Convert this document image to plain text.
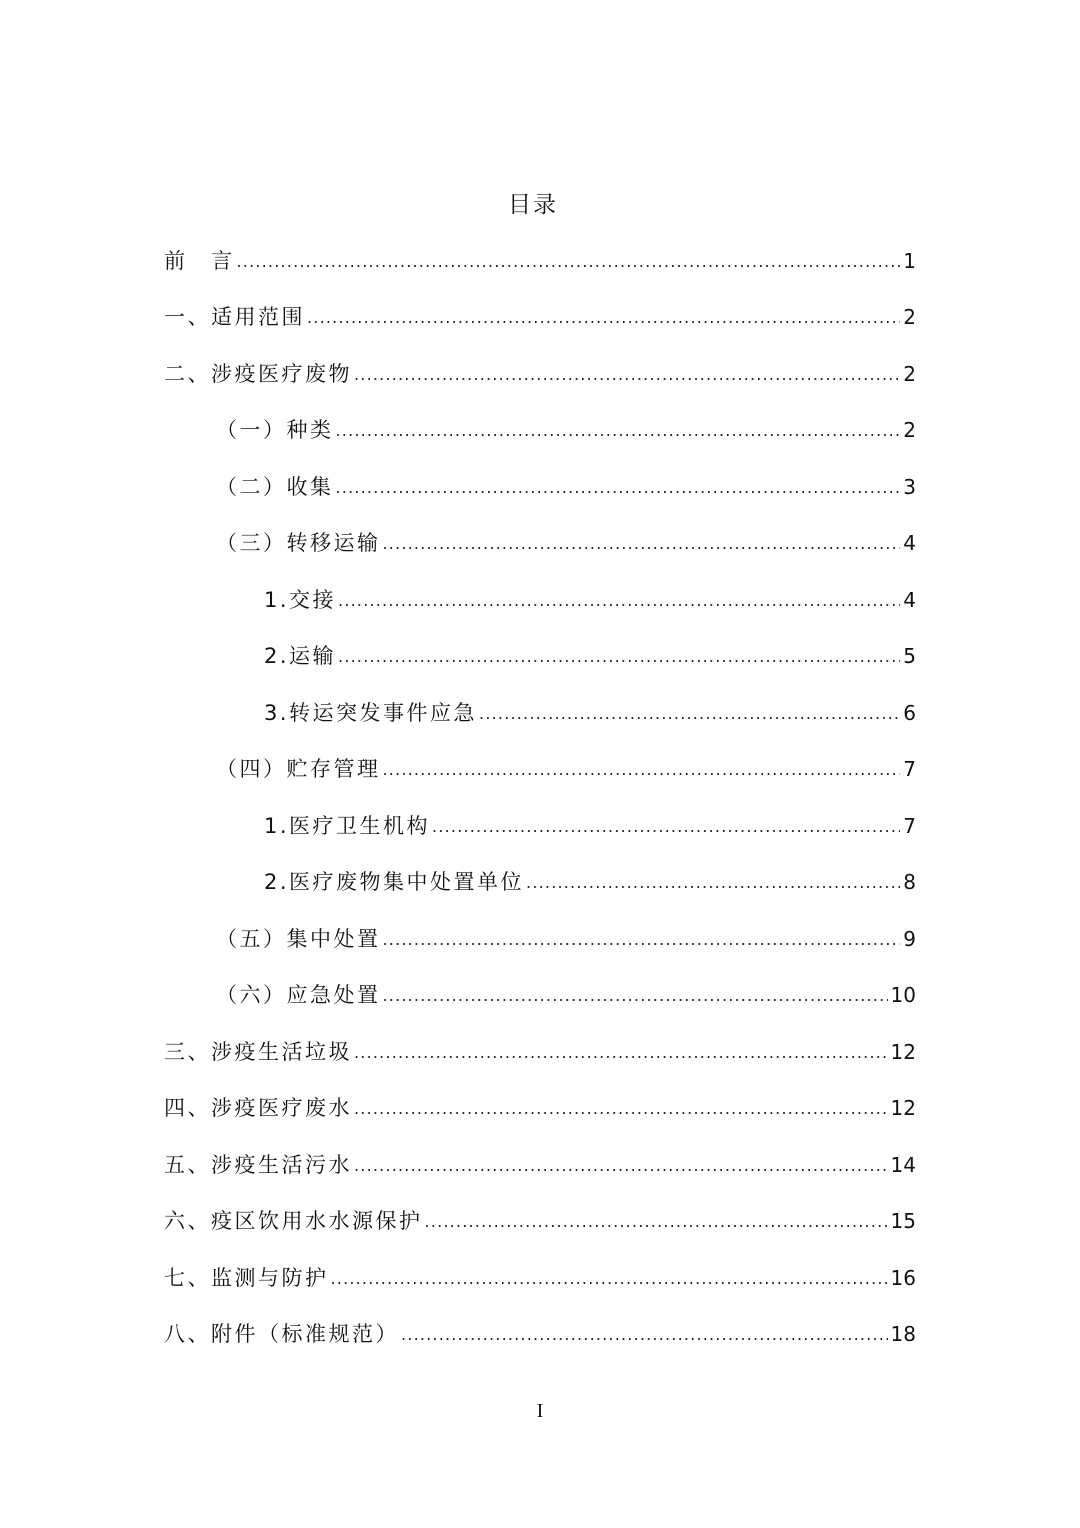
目录
前　言 .....	1
一、适用范围 .....	2
二、涉疫医疗废物 .....	2
（一）种类 .....	2
（二）收集 .....	3
（三）转移运输 .....	4
1.交接 .....	4
2.运输 .....	5
3.转运突发事件应急 .....	6
（四）贮存管理 .....	7
1.医疗卫生机构 .....	7
2.医疗废物集中处置单位 .....	8
（五）集中处置 .....	9
（六）应急处置 .....	10
三、涉疫生活垃圾 .....	12
四、涉疫医疗废水 .....	12
五、涉疫生活污水 .....	14
六、疫区饮用水水源保护 .....	15
七、监测与防护 .....	16
八、附件（标准规范） .....	18
I
